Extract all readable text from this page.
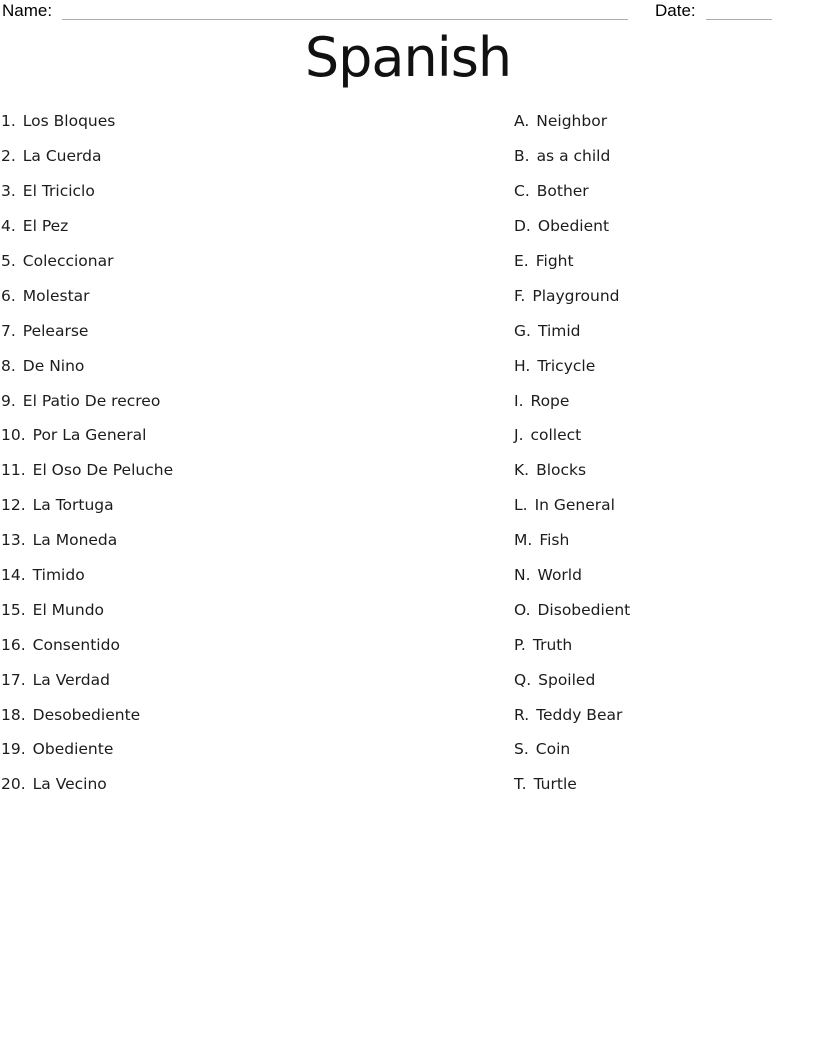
Name:	Date:
Spanish
1. Los Bloques
2. La Cuerda
3. El Triciclo
4. El Pez
5. Coleccionar
6. Molestar
7. Pelearse
8. De Nino
9. El Patio De recreo
10. Por La General
11. El Oso De Peluche
12. La Tortuga
13. La Moneda
14. Timido
15. El Mundo
16. Consentido
17. La Verdad
18. Desobediente
19. Obediente
20. La Vecino
A. Neighbor
B. as a child
C. Bother
D. Obedient
E. Fight
F. Playground
G. Timid
H. Tricycle
I. Rope
J. collect
K. Blocks
L. In General
M. Fish
N. World
O. Disobedient
P. Truth
Q. Spoiled
R. Teddy Bear
S. Coin
T. Turtle
